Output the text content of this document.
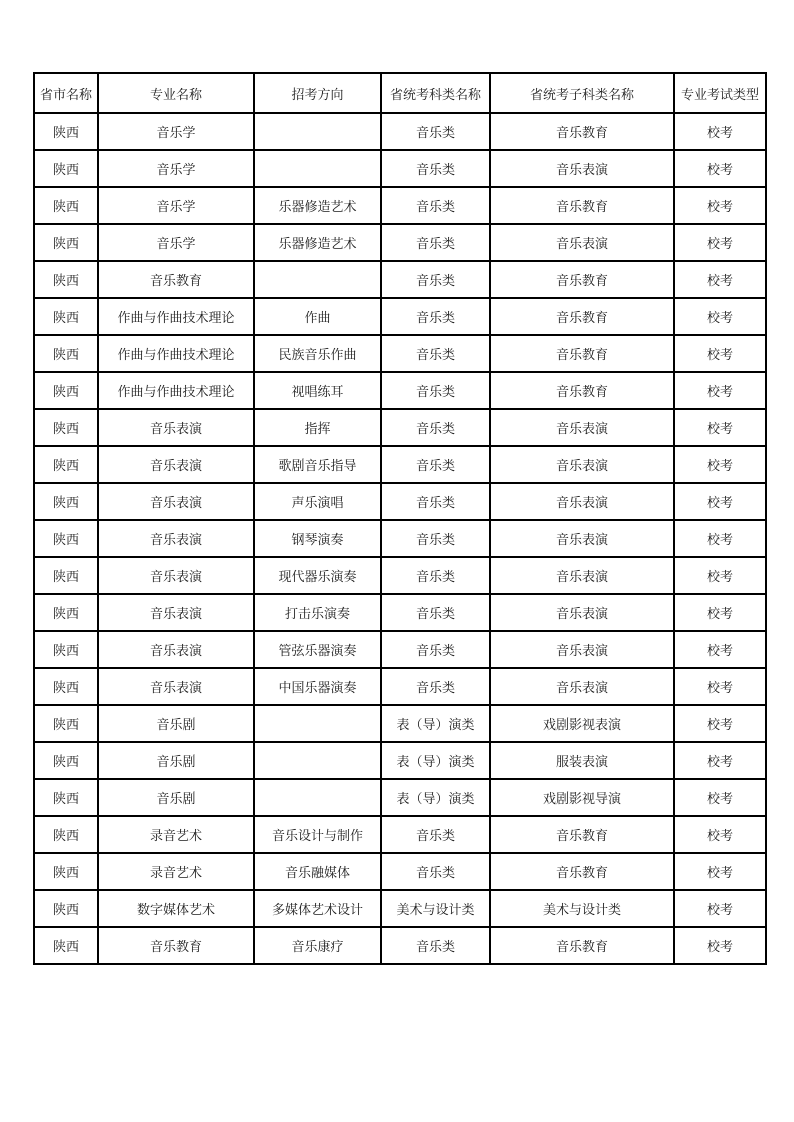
省市名称	专业名称	招考方向	省统考科类名称	省统考子科类名称	专业考试类型
陕西	音乐学		音乐类	音乐教育	校考
陕西	音乐学		音乐类	音乐表演	校考
陕西	音乐学	乐器修造艺术	音乐类	音乐教育	校考
陕西	音乐学	乐器修造艺术	音乐类	音乐表演	校考
陕西	音乐教育		音乐类	音乐教育	校考
陕西	作曲与作曲技术理论	作曲	音乐类	音乐教育	校考
陕西	作曲与作曲技术理论	民族音乐作曲	音乐类	音乐教育	校考
陕西	作曲与作曲技术理论	视唱练耳	音乐类	音乐教育	校考
陕西	音乐表演	指挥	音乐类	音乐表演	校考
陕西	音乐表演	歌剧音乐指导	音乐类	音乐表演	校考
陕西	音乐表演	声乐演唱	音乐类	音乐表演	校考
陕西	音乐表演	钢琴演奏	音乐类	音乐表演	校考
陕西	音乐表演	现代器乐演奏	音乐类	音乐表演	校考
陕西	音乐表演	打击乐演奏	音乐类	音乐表演	校考
陕西	音乐表演	管弦乐器演奏	音乐类	音乐表演	校考
陕西	音乐表演	中国乐器演奏	音乐类	音乐表演	校考
陕西	音乐剧		表（导）演类	戏剧影视表演	校考
陕西	音乐剧		表（导）演类	服装表演	校考
陕西	音乐剧		表（导）演类	戏剧影视导演	校考
陕西	录音艺术	音乐设计与制作	音乐类	音乐教育	校考
陕西	录音艺术	音乐融媒体	音乐类	音乐教育	校考
陕西	数字媒体艺术	多媒体艺术设计	美术与设计类	美术与设计类	校考
陕西	音乐教育	音乐康疗	音乐类	音乐教育	校考
